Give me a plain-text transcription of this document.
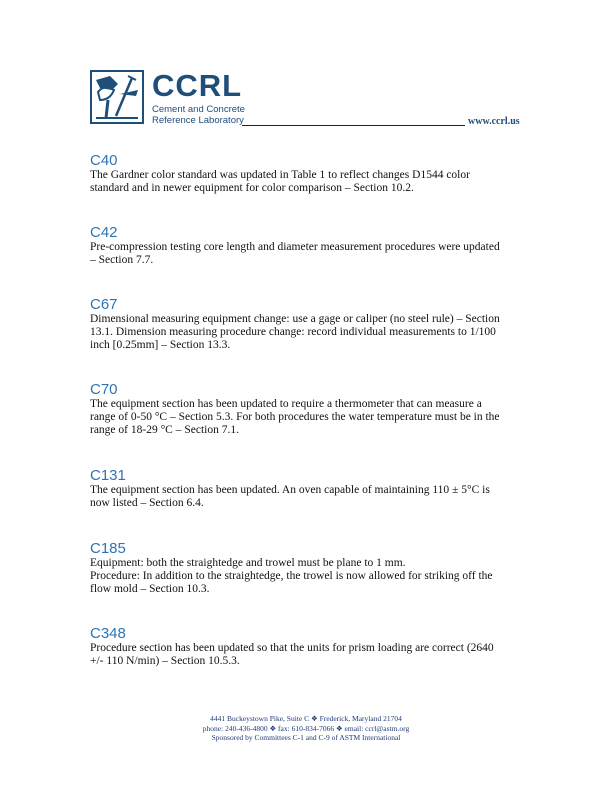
CCRL
Cement and Concrete
Reference Laboratory	www.ccrl.us
C40

The Gardner color standard was updated in Table 1 to reflect changes D1544 color
standard and in newer equipment for color comparison – Section 10.2.

C42

Pre-compression testing core length and diameter measurement procedures were updated
– Section 7.7.

C67

Dimensional measuring equipment change: use a gage or caliper (no steel rule) – Section
13.1. Dimension measuring procedure change: record individual measurements to 1/100
inch [0.25mm] – Section 13.3.

C70

The equipment section has been updated to require a thermometer that can measure a
range of 0-50 °C – Section 5.3. For both procedures the water temperature must be in the
range of 18-29 °C – Section 7.1.

C131

The equipment section has been updated. An oven capable of maintaining 110 ± 5°C is
now listed – Section 6.4.

C185

Equipment: both the straightedge and trowel must be plane to 1 mm.
Procedure: In addition to the straightedge, the trowel is now allowed for striking off the
flow mold – Section 10.3.

C348

Procedure section has been updated so that the units for prism loading are correct (2640
+/- 110 N/min) – Section 10.5.3.

4441 Buckeystown Pike, Suite C ❖ Frederick, Maryland 21704
phone: 240-436-4800 ❖ fax: 610-834-7066 ❖ email: ccrl@astm.org
Sponsored by Committees C-1 and C-9 of ASTM International
